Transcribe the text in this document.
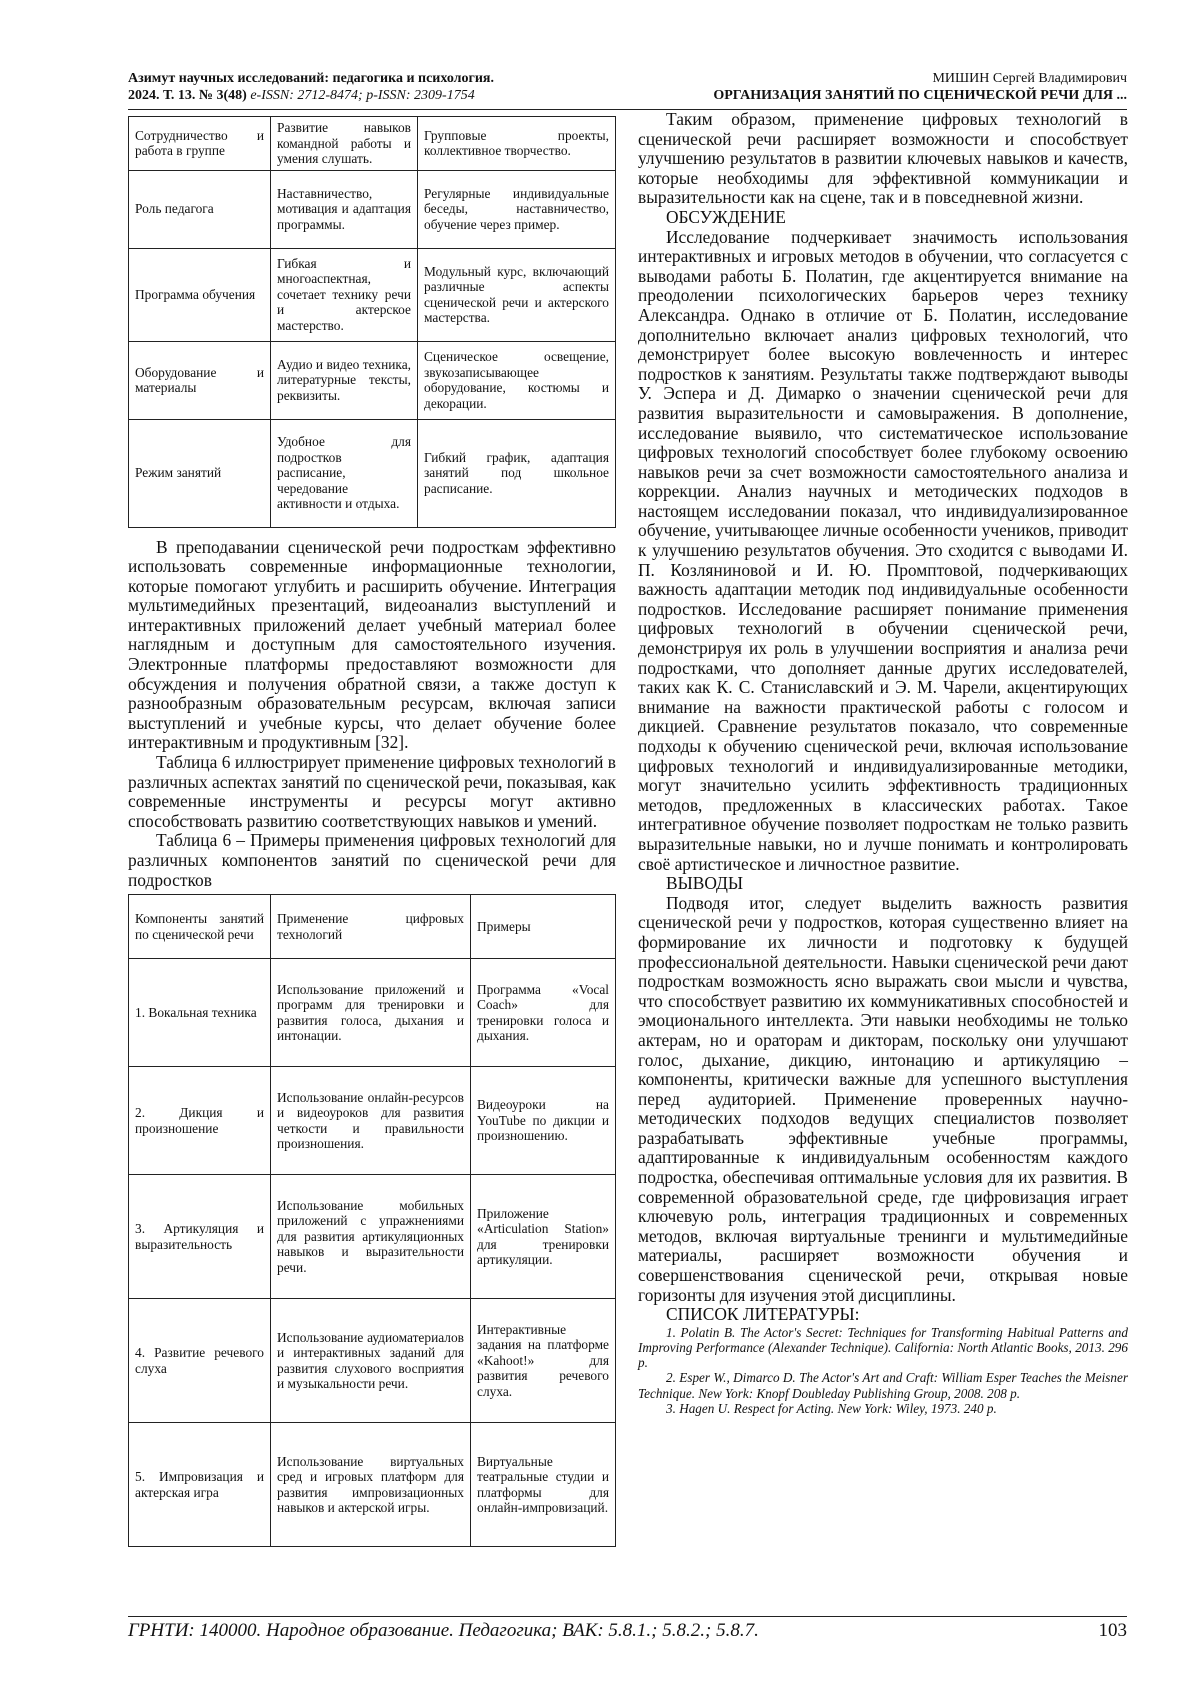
Азимут научных исследований: педагогика и психология.
2024. Т. 13. № 3(48) e-ISSN: 2712-8474; p-ISSN: 2309-1754
МИШИН Сергей Владимирович
ОРГАНИЗАЦИЯ ЗАНЯТИЙ ПО СЦЕНИЧЕСКОЙ РЕЧИ ДЛЯ ...
Сотрудничество и работа в группе	Развитие навыков командной работы и умения слушать.	Групповые проекты, коллективное творчество.
Роль педагога	Наставничество, мотивация и адаптация программы.	Регулярные индивидуальные беседы, наставничество, обучение через пример.
Программа обучения	Гибкая и многоаспектная, сочетает технику речи и актерское мастерство.	Модульный курс, включающий различные аспекты сценической речи и актерского мастерства.
Оборудование и материалы	Аудио и видео техника, литературные тексты, реквизиты.	Сценическое освещение, звукозаписывающее оборудование, костюмы и декорации.
Режим занятий	Удобное для подростков расписание, чередование активности и отдыха.	Гибкий график, адаптация занятий под школьное расписание.

В преподавании сценической речи подросткам эффективно использовать современные информационные технологии, которые помогают углубить и расширить обучение. Интеграция мультимедийных презентаций, видеоанализ выступлений и интерактивных приложений делает учебный материал более наглядным и доступным для самостоятельного изучения. Электронные платформы предоставляют возможности для обсуждения и получения обратной связи, а также доступ к разнообразным образовательным ресурсам, включая записи выступлений и учебные курсы, что делает обучение более интерактивным и продуктивным [32].

Таблица 6 иллюстрирует применение цифровых технологий в различных аспектах занятий по сценической речи, показывая, как современные инструменты и ресурсы могут активно способствовать развитию соответствующих навыков и умений.

Таблица 6 – Примеры применения цифровых технологий для различных компонентов занятий по сценической речи для подростков

Компоненты занятий по сценической речи	Применение цифровых технологий	Примеры
1. Вокальная техника	Использование приложений и программ для тренировки и развития голоса, дыхания и интонации.	Программа «Vocal Coach» для тренировки голоса и дыхания.
2. Дикция и произношение	Использование онлайн-ресурсов и видеоуроков для развития четкости и правильности произношения.	Видеоуроки на YouTube по дикции и произношению.
3. Артикуляция и выразительность	Использование мобильных приложений с упражнениями для развития артикуляционных навыков и выразительности речи.	Приложение «Articulation Station» для тренировки артикуляции.
4. Развитие речевого слуха	Использование аудиоматериалов и интерактивных заданий для развития слухового восприятия и музыкальности речи.	Интерактивные задания на платформе «Kahoot!» для развития речевого слуха.
5. Импровизация и актерская игра	Использование виртуальных сред и игровых платформ для развития импровизационных навыков и актерской игры.	Виртуальные театральные студии и платформы для онлайн-импровизаций.

Таким образом, применение цифровых технологий в сценической речи расширяет возможности и способствует улучшению результатов в развитии ключевых навыков и качеств, которые необходимы для эффективной коммуникации и выразительности как на сцене, так и в повседневной жизни.

ОБСУЖДЕНИЕ

Исследование подчеркивает значимость использования интерактивных и игровых методов в обучении, что согласуется с выводами работы Б. Полатин, где акцентируется внимание на преодолении психологических барьеров через технику Александра. Однако в отличие от Б. Полатин, исследование дополнительно включает анализ цифровых технологий, что демонстрирует более высокую вовлеченность и интерес подростков к занятиям. Результаты также подтверждают выводы У. Эспера и Д. Димарко о значении сценической речи для развития выразительности и самовыражения. В дополнение, исследование выявило, что систематическое использование цифровых технологий способствует более глубокому освоению навыков речи за счет возможности самостоятельного анализа и коррекции. Анализ научных и методических подходов в настоящем исследовании показал, что индивидуализированное обучение, учитывающее личные особенности учеников, приводит к улучшению результатов обучения. Это сходится с выводами И. П. Козляниновой и И. Ю. Промптовой, подчеркивающих важность адаптации методик под индивидуальные особенности подростков. Исследование расширяет понимание применения цифровых технологий в обучении сценической речи, демонстрируя их роль в улучшении восприятия и анализа речи подростками, что дополняет данные других исследователей, таких как К. С. Станиславский и Э. М. Чарели, акцентирующих внимание на важности практической работы с голосом и дикцией. Сравнение результатов показало, что современные подходы к обучению сценической речи, включая использование цифровых технологий и индивидуализированные методики, могут значительно усилить эффективность традиционных методов, предложенных в классических работах. Такое интегративное обучение позволяет подросткам не только развить выразительные навыки, но и лучше понимать и контролировать своё артистическое и личностное развитие.

ВЫВОДЫ

Подводя итог, следует выделить важность развития сценической речи у подростков, которая существенно влияет на формирование их личности и подготовку к будущей профессиональной деятельности. Навыки сценической речи дают подросткам возможность ясно выражать свои мысли и чувства, что способствует развитию их коммуникативных способностей и эмоционального интеллекта. Эти навыки необходимы не только актерам, но и ораторам и дикторам, поскольку они улучшают голос, дыхание, дикцию, интонацию и артикуляцию – компоненты, критически важные для успешного выступления перед аудиторией. Применение проверенных научно-методических подходов ведущих специалистов позволяет разрабатывать эффективные учебные программы, адаптированные к индивидуальным особенностям каждого подростка, обеспечивая оптимальные условия для их развития. В современной образовательной среде, где цифровизация играет ключевую роль, интеграция традиционных и современных методов, включая виртуальные тренинги и мультимедийные материалы, расширяет возможности обучения и совершенствования сценической речи, открывая новые горизонты для изучения этой дисциплины.

СПИСОК ЛИТЕРАТУРЫ:

1. Polatin B. The Actor's Secret: Techniques for Transforming Habitual Patterns and Improving Performance (Alexander Technique). California: North Atlantic Books, 2013. 296 p.

2. Esper W., Dimarco D. The Actor's Art and Craft: William Esper Teaches the Meisner Technique. New York: Knopf Doubleday Publishing Group, 2008. 208 p.

3. Hagen U. Respect for Acting. New York: Wiley, 1973. 240 p.

ГРНТИ: 140000. Народное образование. Педагогика; ВАК: 5.8.1.; 5.8.2.; 5.8.7.	103
